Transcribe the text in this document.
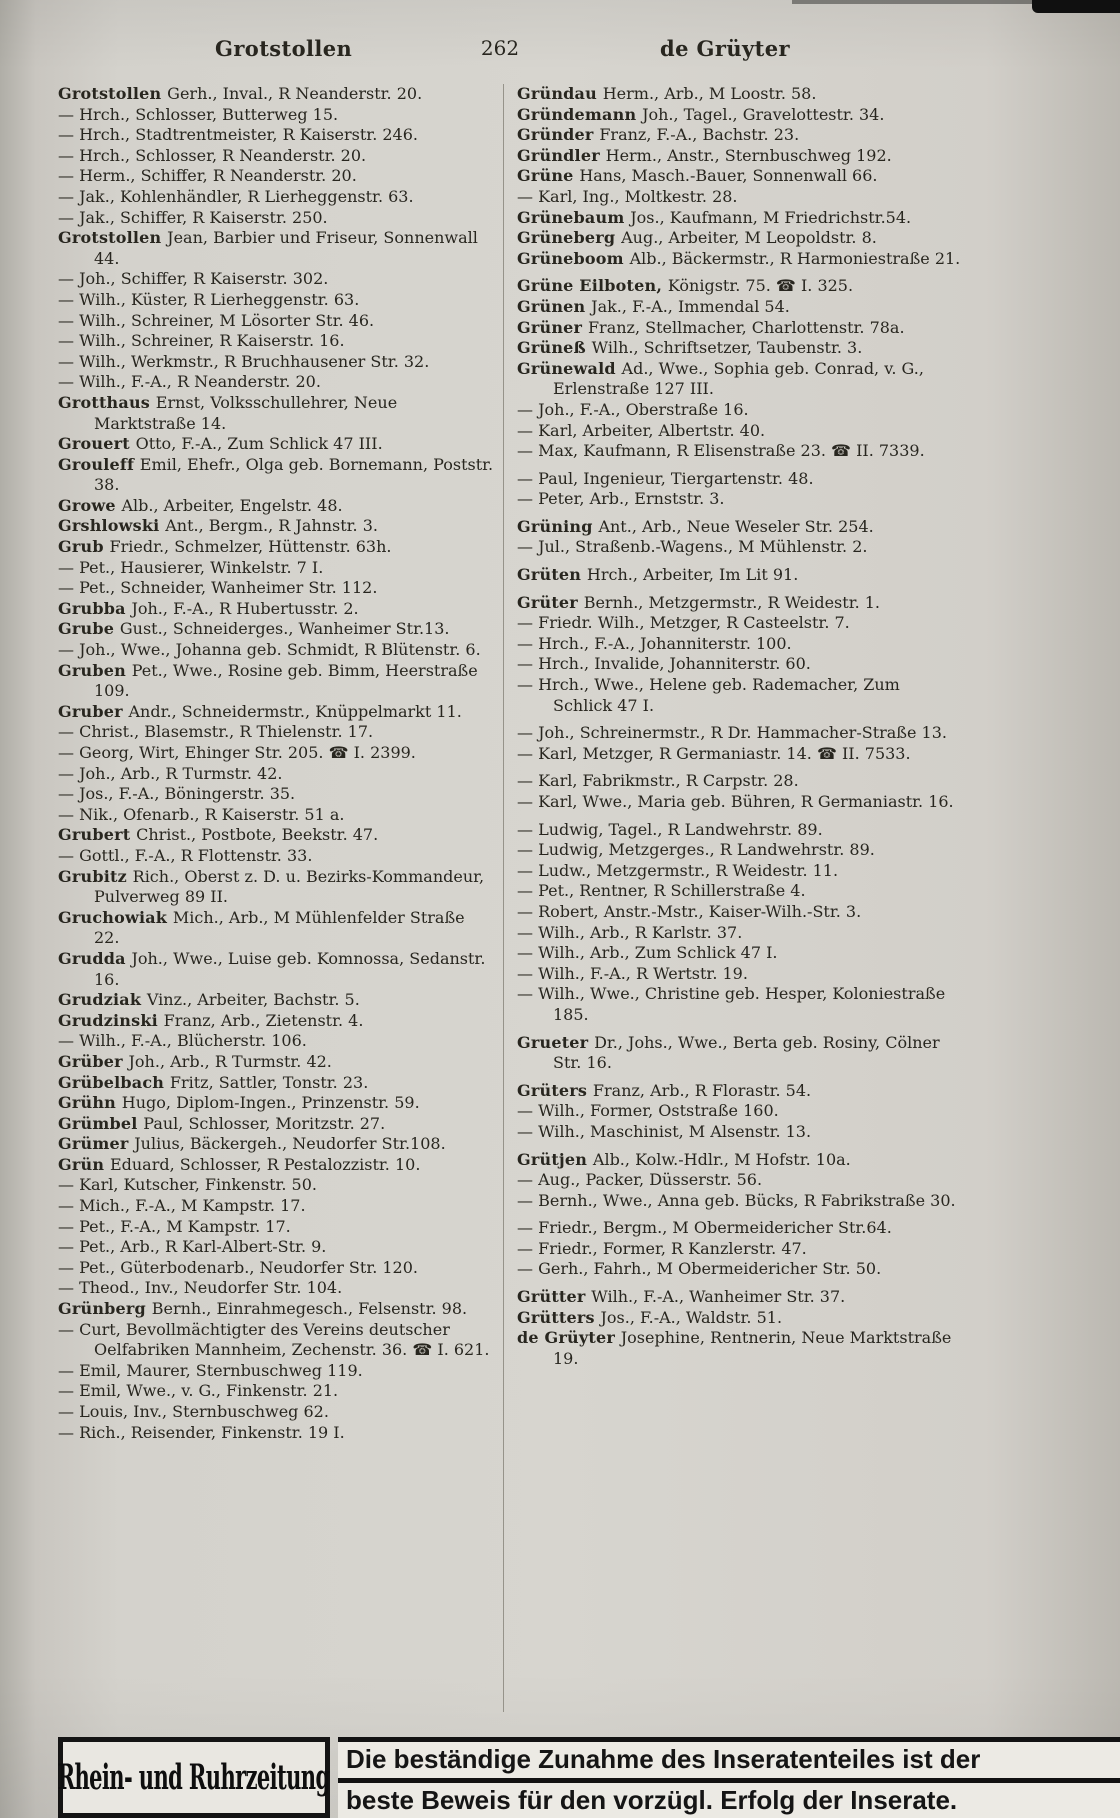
Grotstollen	262	de Grüyter
Grotstollen Gerh., Inval., R Neanderstr. 20.
— Hrch., Schlosser, Butterweg 15.
— Hrch., Stadtrentmeister, R Kaiserstr. 246.
— Hrch., Schlosser, R Neanderstr. 20.
— Herm., Schiffer, R Neanderstr. 20.
— Jak., Kohlenhändler, R Lierheggenstr. 63.
— Jak., Schiffer, R Kaiserstr. 250.
Grotstollen Jean, Barbier und Friseur, Sonnenwall 44.
— Joh., Schiffer, R Kaiserstr. 302.
— Wilh., Küster, R Lierheggenstr. 63.
— Wilh., Schreiner, M Lösorter Str. 46.
— Wilh., Schreiner, R Kaiserstr. 16.
— Wilh., Werkmstr., R Bruchhausener Str. 32.
— Wilh., F.-A., R Neanderstr. 20.
Grotthaus Ernst, Volksschullehrer, Neue Marktstraße 14.
Grouert Otto, F.-A., Zum Schlick 47 III.
Grouleff Emil, Ehefr., Olga geb. Bornemann, Poststr. 38.
Growe Alb., Arbeiter, Engelstr. 48.
Grshlowski Ant., Bergm., R Jahnstr. 3.
Grub Friedr., Schmelzer, Hüttenstr. 63h.
— Pet., Hausierer, Winkelstr. 7 I.
— Pet., Schneider, Wanheimer Str. 112.
Grubba Joh., F.-A., R Hubertusstr. 2.
Grube Gust., Schneiderges., Wanheimer Str.13.
— Joh., Wwe., Johanna geb. Schmidt, R Blütenstr. 6.
Gruben Pet., Wwe., Rosine geb. Bimm, Heerstraße 109.
Gruber Andr., Schneidermstr., Knüppelmarkt 11.
— Christ., Blasemstr., R Thielenstr. 17.
— Georg, Wirt, Ehinger Str. 205. ☎ I. 2399.
— Joh., Arb., R Turmstr. 42.
— Jos., F.-A., Böningerstr. 35.
— Nik., Ofenarb., R Kaiserstr. 51 a.
Grubert Christ., Postbote, Beekstr. 47.
— Gottl., F.-A., R Flottenstr. 33.
Grubitz Rich., Oberst z. D. u. Bezirks-Kommandeur, Pulverweg 89 II.
Gruchowiak Mich., Arb., M Mühlenfelder Straße 22.
Grudda Joh., Wwe., Luise geb. Komnossa, Sedanstr. 16.
Grudziak Vinz., Arbeiter, Bachstr. 5.
Grudzinski Franz, Arb., Zietenstr. 4.
— Wilh., F.-A., Blücherstr. 106.
Grüber Joh., Arb., R Turmstr. 42.
Grübelbach Fritz, Sattler, Tonstr. 23.
Grühn Hugo, Diplom-Ingen., Prinzenstr. 59.
Grümbel Paul, Schlosser, Moritzstr. 27.
Grümer Julius, Bäckergeh., Neudorfer Str.108.
Grün Eduard, Schlosser, R Pestalozzistr. 10.
— Karl, Kutscher, Finkenstr. 50.
— Mich., F.-A., M Kampstr. 17.
— Pet., F.-A., M Kampstr. 17.
— Pet., Arb., R Karl-Albert-Str. 9.
— Pet., Güterbodenarb., Neudorfer Str. 120.
— Theod., Inv., Neudorfer Str. 104.
Grünberg Bernh., Einrahmegesch., Felsenstr. 98.
— Curt, Bevollmächtigter des Vereins deutscher Oelfabriken Mannheim, Zechenstr. 36. ☎ I. 621.
— Emil, Maurer, Sternbuschweg 119.
— Emil, Wwe., v. G., Finkenstr. 21.
— Louis, Inv., Sternbuschweg 62.
— Rich., Reisender, Finkenstr. 19 I.
Gründau Herm., Arb., M Loostr. 58.
Gründemann Joh., Tagel., Gravelottestr. 34.
Gründer Franz, F.-A., Bachstr. 23.
Gründler Herm., Anstr., Sternbuschweg 192.
Grüne Hans, Masch.-Bauer, Sonnenwall 66.
— Karl, Ing., Moltkestr. 28.
Grünebaum Jos., Kaufmann, M Friedrichstr.54.
Grüneberg Aug., Arbeiter, M Leopoldstr. 8.
Grüneboom Alb., Bäckermstr., R Harmoniestraße 21.
Grüne Eilboten, Königstr. 75. ☎ I. 325.
Grünen Jak., F.-A., Immendal 54.
Grüner Franz, Stellmacher, Charlottenstr. 78a.
Grüneß Wilh., Schriftsetzer, Taubenstr. 3.
Grünewald Ad., Wwe., Sophia geb. Conrad, v. G., Erlenstraße 127 III.
— Joh., F.-A., Oberstraße 16.
— Karl, Arbeiter, Albertstr. 40.
— Max, Kaufmann, R Elisenstraße 23. ☎ II. 7339.
— Paul, Ingenieur, Tiergartenstr. 48.
— Peter, Arb., Ernststr. 3.
Grüning Ant., Arb., Neue Weseler Str. 254.
— Jul., Straßenb.-Wagens., M Mühlenstr. 2.
Grüten Hrch., Arbeiter, Im Lit 91.
Grüter Bernh., Metzgermstr., R Weidestr. 1.
— Friedr. Wilh., Metzger, R Casteelstr. 7.
— Hrch., F.-A., Johanniterstr. 100.
— Hrch., Invalide, Johanniterstr. 60.
— Hrch., Wwe., Helene geb. Rademacher, Zum Schlick 47 I.
— Joh., Schreinermstr., R Dr. Hammacher-Straße 13.
— Karl, Metzger, R Germaniastr. 14. ☎ II. 7533.
— Karl, Fabrikmstr., R Carpstr. 28.
— Karl, Wwe., Maria geb. Bühren, R Germaniastr. 16.
— Ludwig, Tagel., R Landwehrstr. 89.
— Ludwig, Metzgerges., R Landwehrstr. 89.
— Ludw., Metzgermstr., R Weidestr. 11.
— Pet., Rentner, R Schillerstraße 4.
— Robert, Anstr.-Mstr., Kaiser-Wilh.-Str. 3.
— Wilh., Arb., R Karlstr. 37.
— Wilh., Arb., Zum Schlick 47 I.
— Wilh., F.-A., R Wertstr. 19.
— Wilh., Wwe., Christine geb. Hesper, Koloniestraße 185.
Grueter Dr., Johs., Wwe., Berta geb. Rosiny, Cölner Str. 16.
Grüters Franz, Arb., R Florastr. 54.
— Wilh., Former, Oststraße 160.
— Wilh., Maschinist, M Alsenstr. 13.
Grütjen Alb., Kolw.-Hdlr., M Hofstr. 10a.
— Aug., Packer, Düsserstr. 56.
— Bernh., Wwe., Anna geb. Bücks, R Fabrikstraße 30.
— Friedr., Bergm., M Obermeidericher Str.64.
— Friedr., Former, R Kanzlerstr. 47.
— Gerh., Fahrh., M Obermeidericher Str. 50.
Grütter Wilh., F.-A., Wanheimer Str. 37.
Grütters Jos., F.-A., Waldstr. 51.
de Grüyter Josephine, Rentnerin, Neue Marktstraße 19.
Rhein- und Ruhrzeitung Die beständige Zunahme des Inseratenteiles ist der
beste Beweis für den vorzügl. Erfolg der Inserate.
